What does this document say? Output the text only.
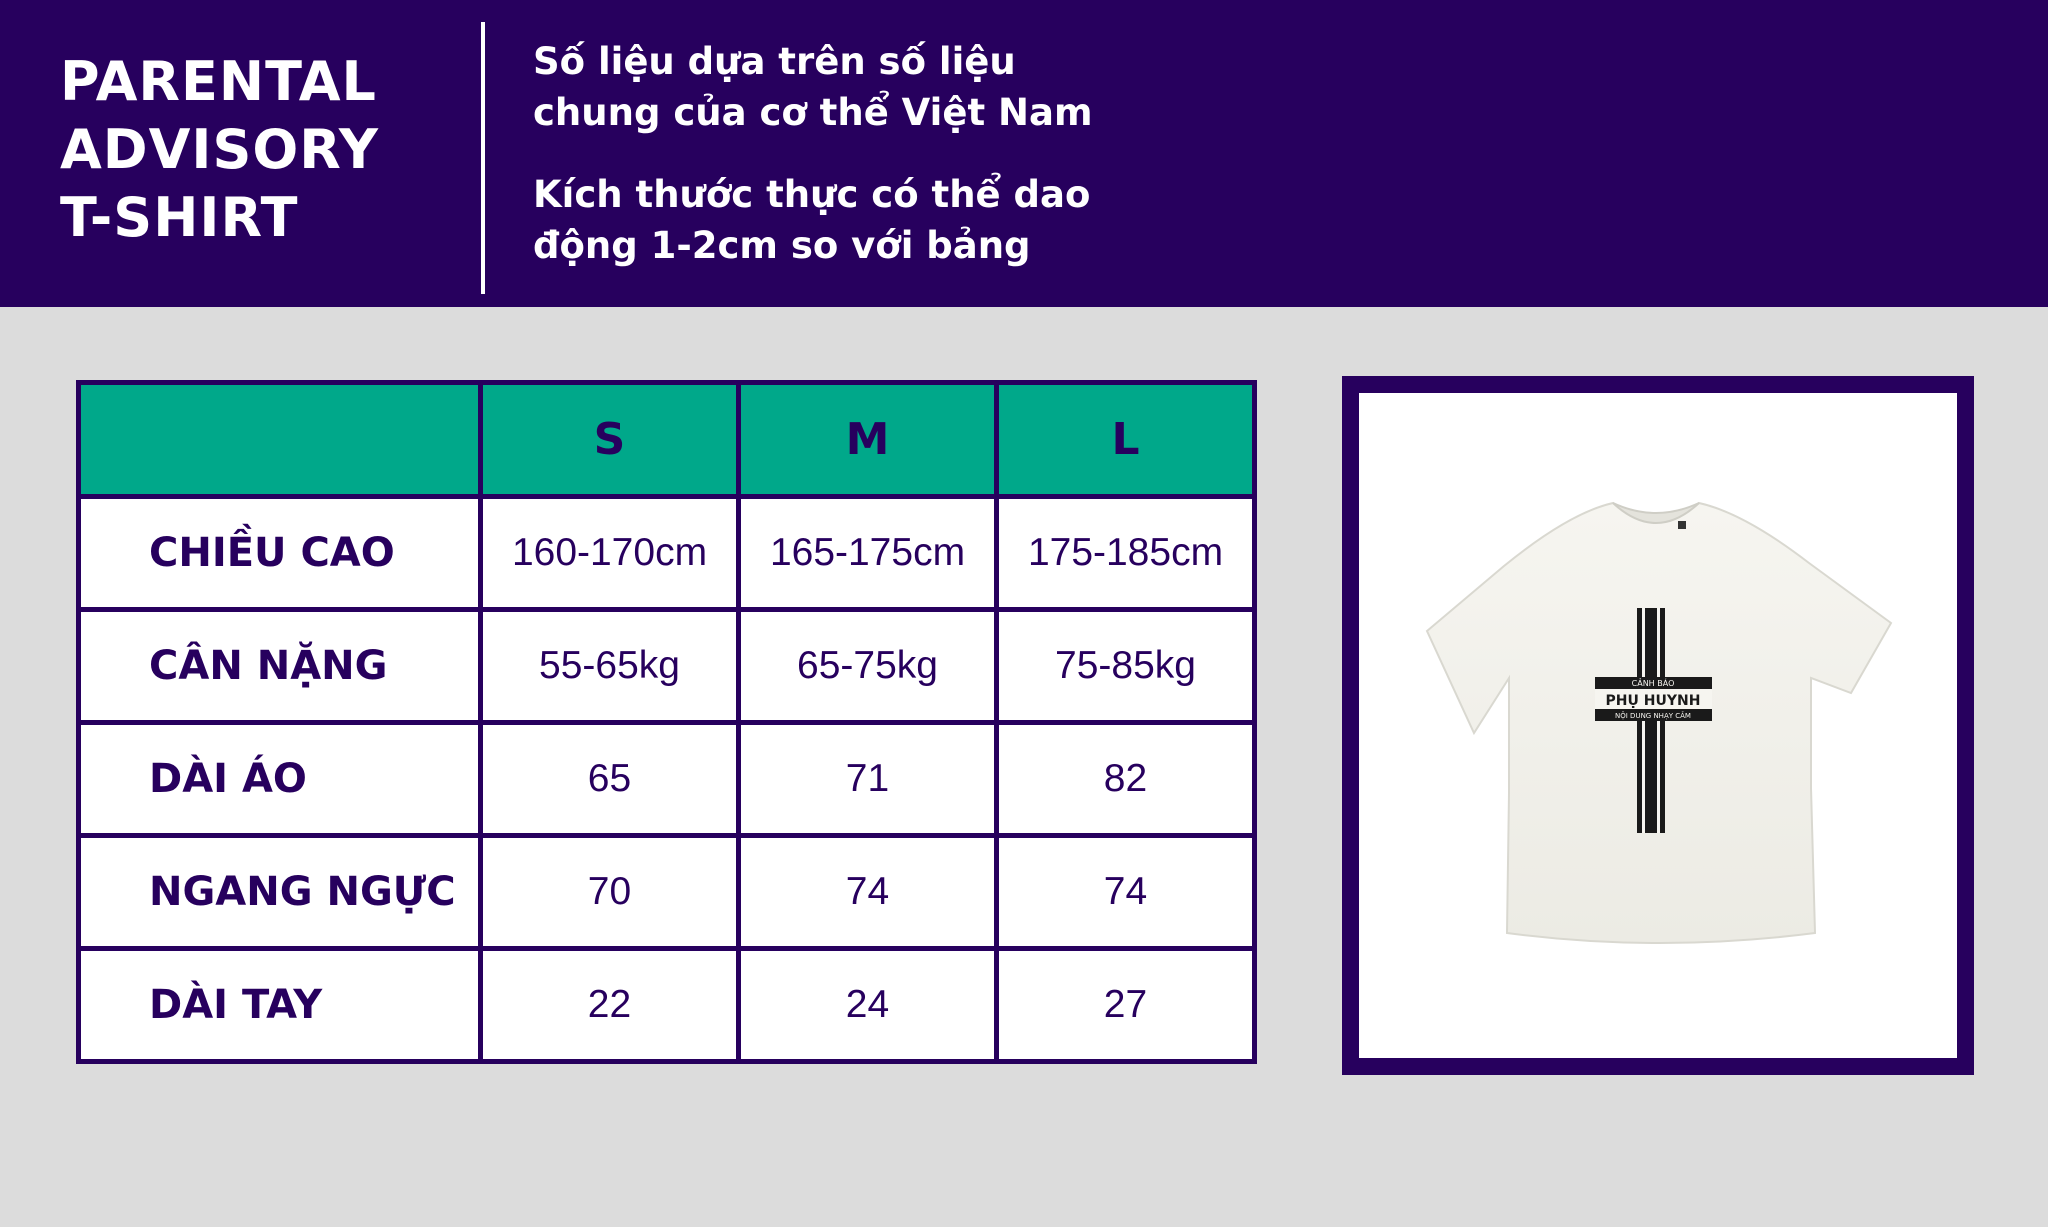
PARENTAL
ADVISORY
T-SHIRT
Số liệu dựa trên số liệu
chung của cơ thể Việt Nam
Kích thước thực có thể dao
động 1-2cm so với bảng
	S	M	L
CHIỀU CAO	160-170cm	165-175cm	175-185cm
CÂN NẶNG	55-65kg	65-75kg	75-85kg
DÀI ÁO	65	71	82
NGANG NGỰC	70	74	74
DÀI TAY	22	24	27
CẢNH BÁO
PHỤ HUYNH
NỘI DUNG NHẠY CẢM
